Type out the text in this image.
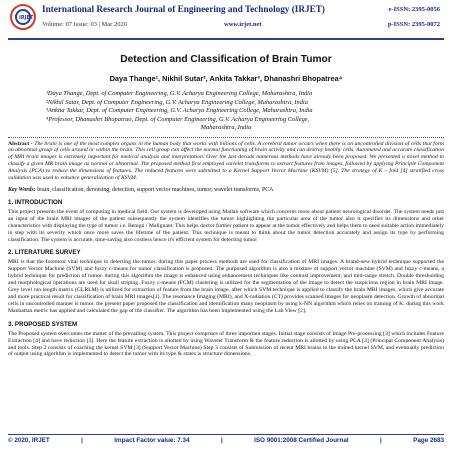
IRJET
International Research Journal of Engineering and Technology (IRJET)
Volume: 07 Issue: 03 | Mar 2020	www.irjet.net
e-ISSN: 2395-0056
p-ISSN: 2395-0072
Detection and Classification of Brain Tumor
Daya Thange¹, Nikhil Sutar², Ankita Takkar³, Dhanashri Bhopatrea⁴
¹Daya Thange, Dept. of Computer Engineering, G.V. Acharya Engineering College, Maharashtra, India
²Nikhil Sutar, Dept. of Computer Engineering, G.V. Acharya Engineering College, Maharashtra, India
³Ankita Takkar, Dept. of Computer Engineering, G.V. Acharya Engineering College, Maharashtra, India
⁴Professor, Dhanashri Bhopatrao, Dept. of Computer Engineering, G.V. Acharya Engineering College,
Maharashtra, India
Abstract - The brain is one of the most complex organs in the human body that works with billions of cells. A cerebral tumor occurs when there is an uncontrolled division of cells that form an abnormal group of cells around or within the brain. This cell group can affect the normal functioning of brain activity and can destroy healthy cells. Automated and accurate classification of MRI brain images is extremely important for medical analysis and interpretation. Over the last decade numerous methods have already been proposed. We presented a novel method to classify a given MR brain image as normal or abnormal. The proposed method first employed wavelet transforms to extract features from images, followed by applying Principle Component Analysis (PCA) to reduce the dimensions of features. The reduced features were submitted to a Kernel Support Vector Machine (KSVM) [5]. The strategy of K – fold [4] stratified cross validation was used to enhance generalization of KSVM.
Key Words: brain, classification, denoising, detection, support vector machines, tumor, wavelet transforms, PCA
1. INTRODUCTION
This project presents the event of computing in medical field. Our system is developed using Matlab software which concerns more about patient neurological disorder. The system needs just an input of the brain MRI images of the patient subsequently the system identifies the tumor highlighting the particular area of the tumor also it specifies its dimensions and other characteristics with displaying the type of tumor i.e. Benign / Malignant. This helps doctor further patient to appear at the tumor effectively and helps them to need suitable action immediately in step with its severity which once more saves the lifetime of the patient. This technique is meant to think about the tumor detection accurately and assign its type by performing classification. The system is accurate, time-saving also costless hence it's efficient system for detecting tumor
2. LITERATURE SURVEY
MRI is that the foremost vital technique in detecting the tumor. during this paper process methods are used for classification of MRI images. A brand-new hybrid technique supported the Support Vector Machine (SVM) and fuzzy c-means for tumor classification is proposed. The purposed algorithm is also a mixture of support vector machine (SVM) and fuzzy c-means, a hybrid technique for prediction of tumor. during this algorithm the image is enhanced using enhancement techniques like contrast improvement, and mid-range stretch. Double thresholding and morphological operations are used for skull striping. Fuzzy c-means (FCM) clustering is utilized for the segmentation of the image to detect the suspicious region in brain MRI image. Grey level run length matrix (GLRLM) is utilized for extraction of feature from the brain image, after which SVM technique is applied to classify the brain MRI images, which give accurate and more practical result for classification of brain MRI images[1]. The resonance Imaging (MRI), and X-radiation (CT) provides scanned images for neoplasm detection. Growth of abnormal cells in uncontrolled manner is tumor. the present paper proposed the classification and identification many neoplasm by using k-NN algorithm which relies on training of K. during this work Manhattan metric has applied and calculated the gap of the classifier. The algorithm has been implemented using the Lab View [2].
3. PROPOSED SYSTEM
The Proposed system overcomes the matter of the prevailing system. This project comprises of three important stages. Initial stage consists of Image Pre-processing [3] which includes Feature Extraction [4] and have reduction [3]. Here the feature extraction is allotted by using Wavelet Transform & the feature reduction is allotted by using PCA [3] (Principal Component Analysis) and tools. Step 2 consists of coaching the kernel SVM [3] (Support Vector Machine) Step 3 consists of Submission of recent MRI brains to the trained kernel SVM, and eventually prediction of output using algorithm is implemented to detect the tumor with its type & states is structure dimensions.
© 2020, IRJET	|	Impact Factor value: 7.34	|	ISO 9001:2008 Certified Journal	|	Page 2683
